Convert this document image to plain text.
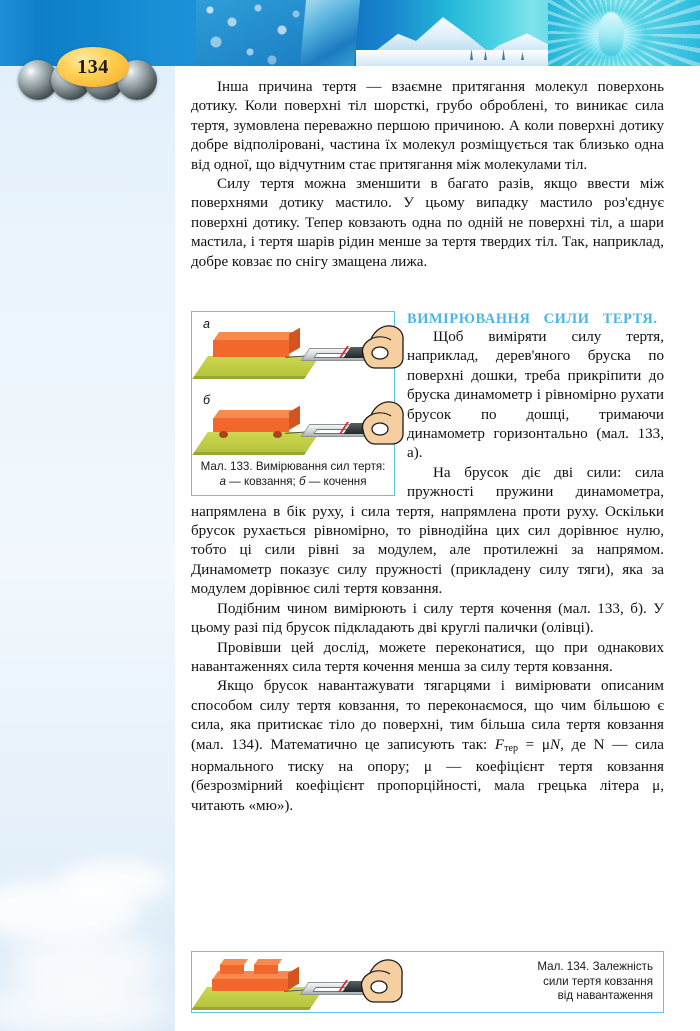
134

Інша причина тертя — взаємне притягання молекул поверхонь дотику. Коли поверхні тіл шорсткі, грубо оброблені, то виникає сила тертя, зумовлена переважно першою причиною. А коли поверхні дотику добре відполіровані, частина їх молекул розміщується так близько одна від одної, що відчутним стає притягання між молекулами тіл.

Силу тертя можна зменшити в багато разів, якщо ввести між поверхнями дотику мастило. У цьому випадку мастило роз'єднує поверхні дотику. Тепер ковзають одна по одній не поверхні тіл, а шари мастила, і тертя шарів рідин менше за тертя твердих тіл. Так, наприклад, добре ковзає по снігу змащена лижа.

а
б
Мал. 133. Вимірювання сил тертя:
а — ковзання; б — кочення

ВИМІРЮВАННЯ СИЛИ ТЕРТЯ.

Щоб виміряти силу тертя, наприклад, дерев'яного бруска по поверхні дошки, треба прикріпити до бруска динамометр і рівномірно рухати брусок по дошці, тримаючи динамометр горизонтально (мал. 133, а).

На брусок діє дві сили: сила пружності пружини динамометра, напрямлена в бік руху, і сила тертя, напрямлена проти руху. Оскільки брусок рухається рівномірно, то рівнодійна цих сил дорівнює нулю, тобто ці сили рівні за модулем, але протилежні за напрямом. Динамометр показує силу пружності (прикладену силу тяги), яка за модулем дорівнює силі тертя ковзання.

Подібним чином вимірюють і силу тертя кочення (мал. 133, б). У цьому разі під брусок підкладають дві круглі палички (олівці).

Провівши цей дослід, можете переконатися, що при однакових навантаженнях сила тертя кочення менша за силу тертя ковзання.

Якщо брусок навантажувати тягарцями і вимірювати описаним способом силу тертя ковзання, то переконаємося, що чим більшою є сила, яка притискає тіло до поверхні, тим більша сила тертя ковзання (мал. 134). Математично це записують так: $F_{тер} = \mu N$, де N — сила нормального тиску на опору; μ — коефіцієнт тертя ковзання (безрозмірний коефіцієнт пропорційності, мала грецька літера μ, читають «мю»).

Мал. 134. Залежність
сили тертя ковзання
від навантаження
